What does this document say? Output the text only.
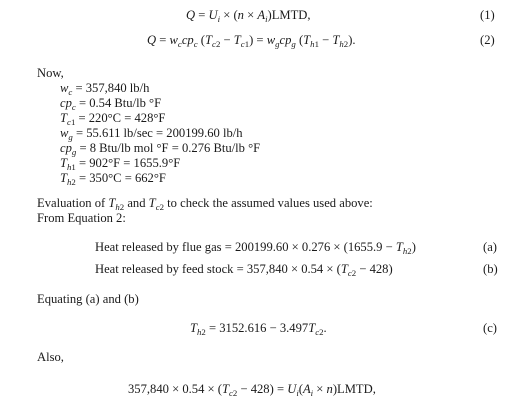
$Q = U_i \times (n$ × $A_i)LMTD$,	(1)
$Q = w_ccp_c$ $(T_{c2} - T_{c1}) = w_gcp_g$ $(T_{h1} - T_{h2})$.	(2)
Now,
$w_c = 357,840$ lb/h
$cp_c = 0.54$ Btu/lb °F
$T_{c1} = 220^\circ C = 428^\circ F$
$w_g = 55.611$ lb/sec = 200199.60 lb/h
$cp_g = 8$ Btu/lb mol °F = 0.276 Btu/lb °F
$T_{h1} = 902^\circ F = 1655.9^\circ F$
$T_{h2} = 350^\circ C = 662^\circ F$
Evaluation of $T_{h2}$ and $T_{c2}$ to check the assumed values used above:
From Equation 2:
Heat released by flue gas = $200199.60 \times 0.276 \times (1655.9 - T_{h2})$	(a)
Heat released by feed stock = $357,840 \times 0.54 \times (T_{c2} - 428)$	(b)
Equating (a) and (b)
$T_{h2} = 3152.616 - 3.497T_{c2}$.	(c)
Also,
$357,840 \times 0.54 \times (T_{c2} - 428) = U_i(A_i$ × n)LMTD,
